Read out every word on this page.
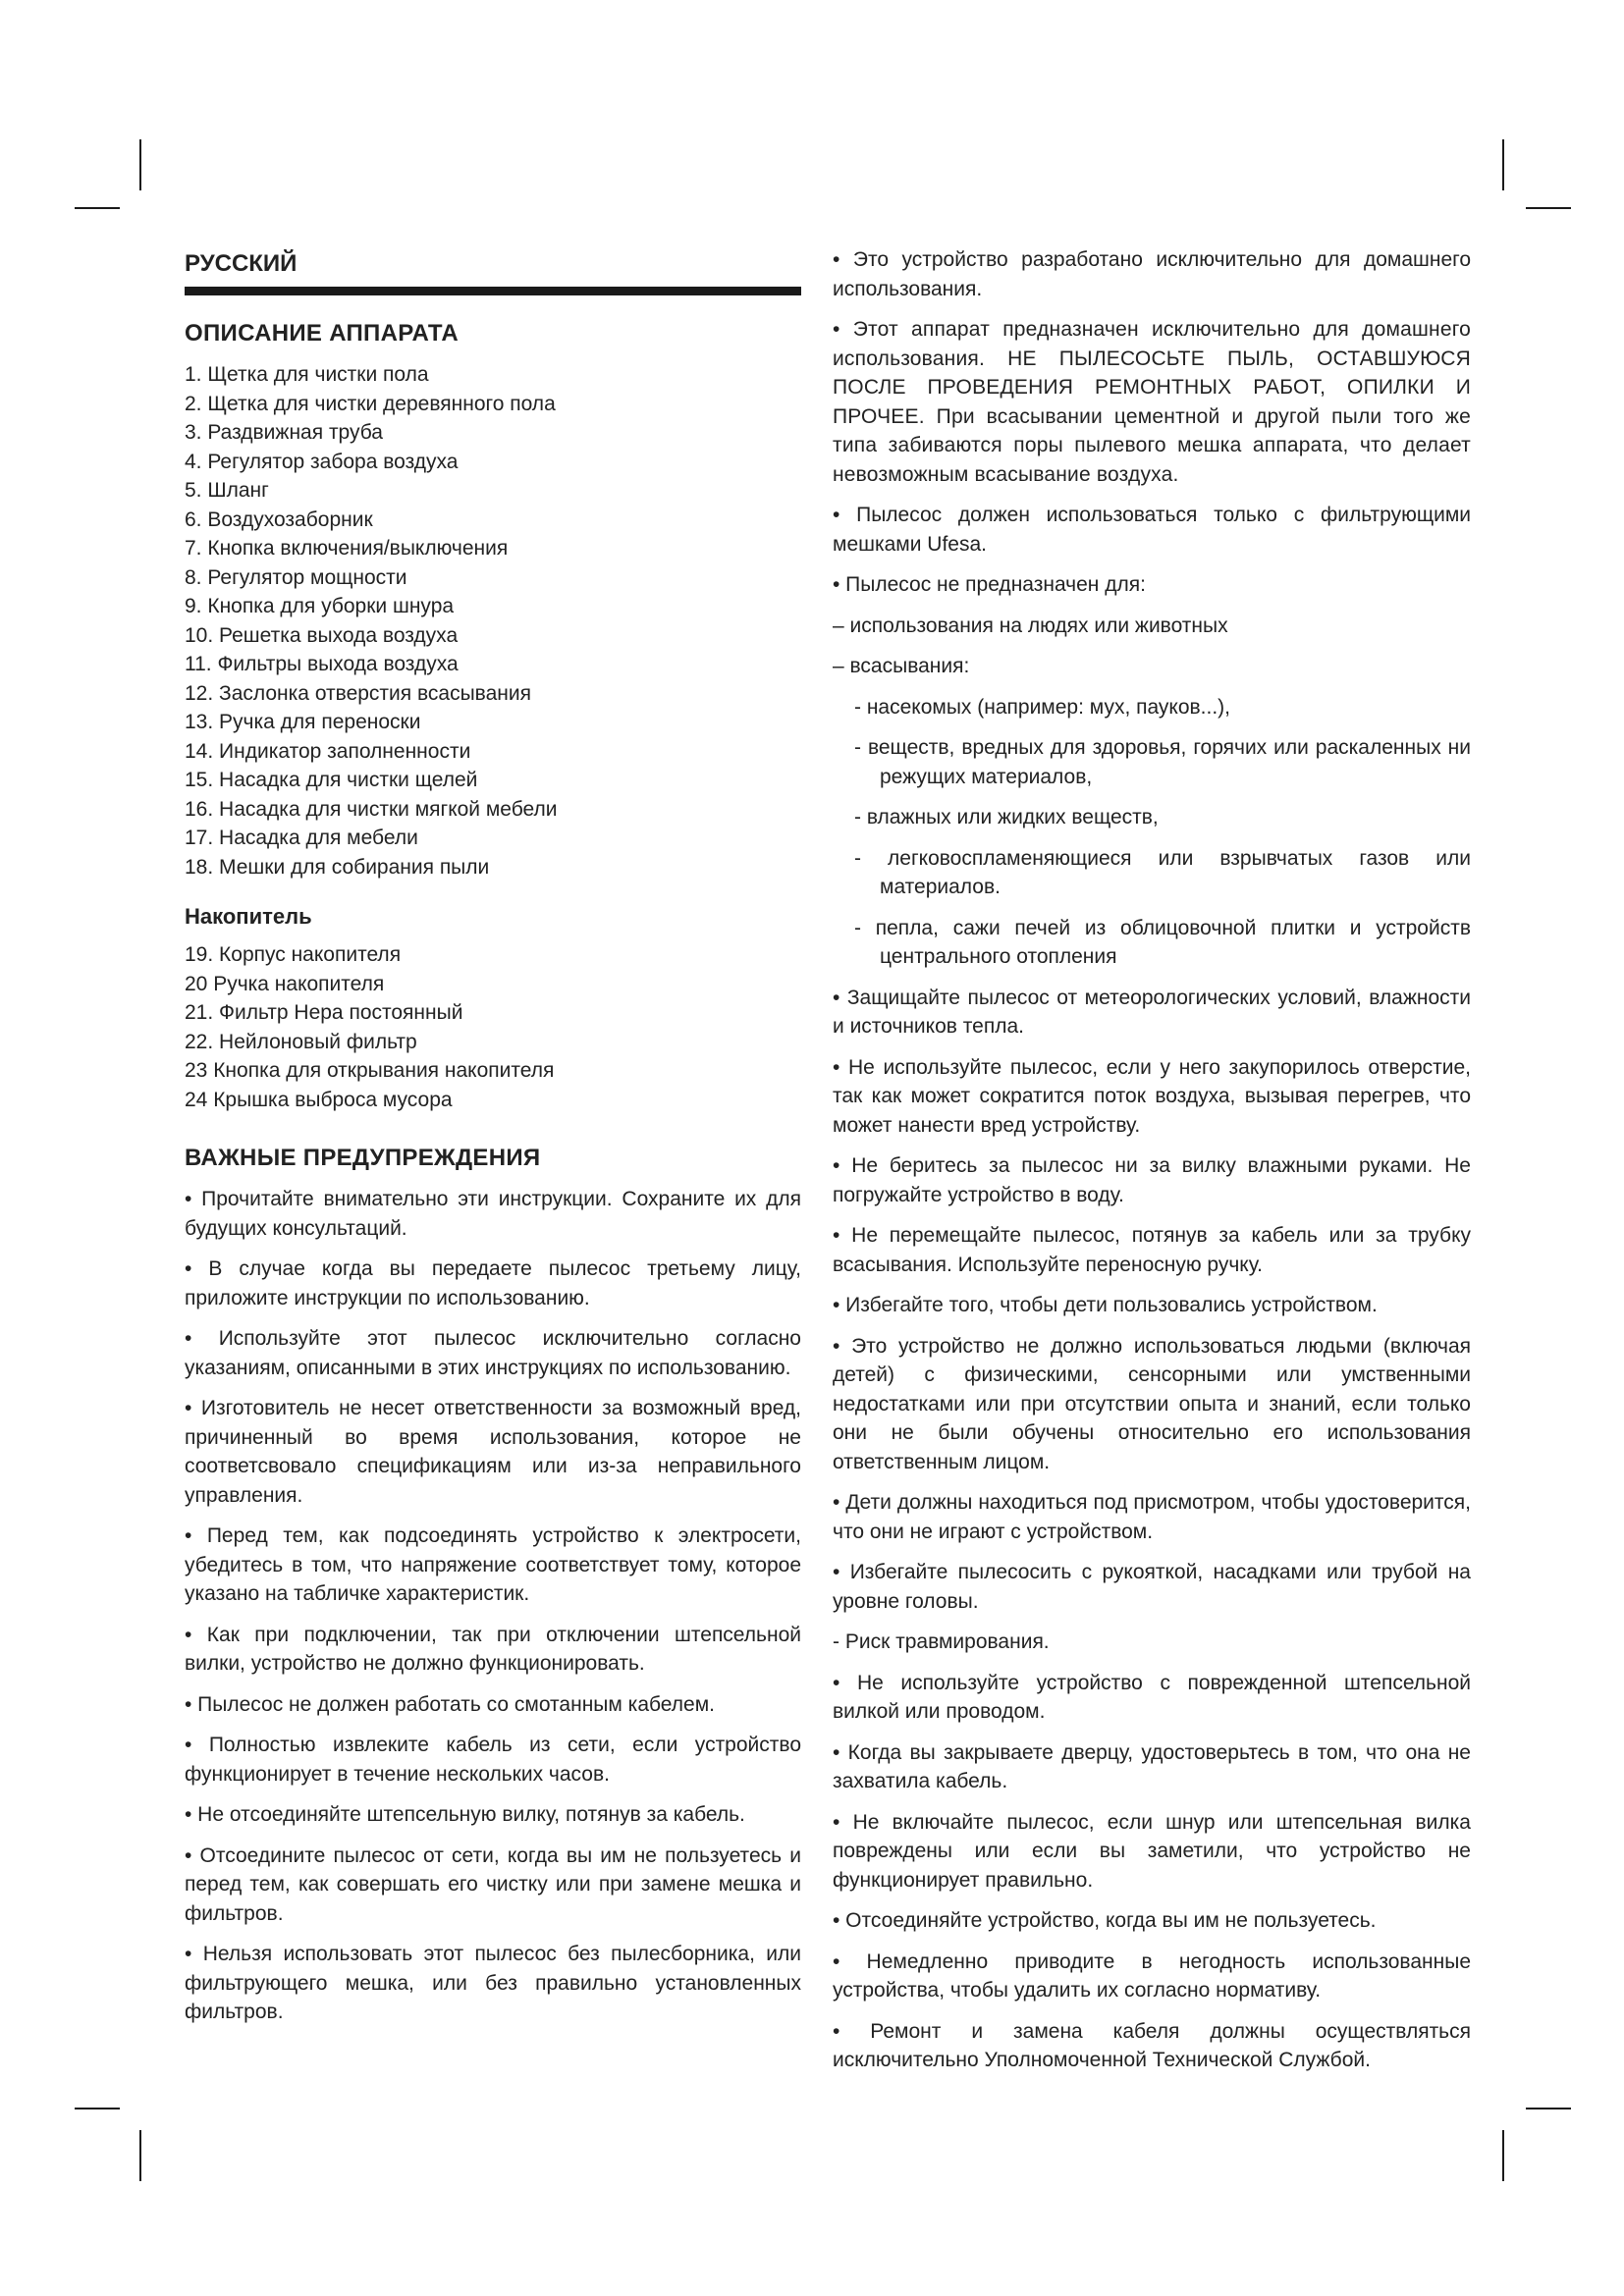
РУССКИЙ
ОПИСАНИЕ АППАРАТА
1. Щетка для чистки пола
2. Щетка для чистки деревянного пола
3. Раздвижная труба
4. Регулятор забора воздуха
5. Шланг
6. Воздухозаборник
7. Кнопка включения/выключения
8. Регулятор мощности
9. Кнопка для уборки шнура
10. Решетка выхода воздуха
11. Фильтры выхода воздуха
12. Заслонка отверстия всасывания
13. Ручка для переноски
14. Индикатор заполненности
15. Насадка для чистки щелей
16. Насадка для чистки мягкой мебели
17. Насадка для мебели
18. Мешки для собирания пыли
Накопитель
19. Корпус накопителя
20 Ручка накопителя
21. Фильтр Hepa постоянный
22. Нейлоновый фильтр
23 Кнопка для открывания накопителя
24 Крышка выброса мусора
ВАЖНЫЕ ПРЕДУПРЕЖДЕНИЯ

• Прочитайте внимательно эти инструкции. Сохраните их для будущих консультаций.

• В случае когда вы передаете пылесос третьему лицу, приложите инструкции по использованию.

• Используйте этот пылесос исключительно согласно указаниям, описанными в этих инструкциях по использованию.

• Изготовитель не несет ответственности за возможный вред, причиненный во время использования, которое не соответсвовало спецификациям или из-за неправильного управления.

• Перед тем, как подсоединять устройство к электросети, убедитесь в том, что напряжение соответствует тому, которое указано на табличке характеристик.

• Как при подключении, так при отключении штепсельной вилки, устройство не должно функционировать.

• Пылесос не должен работать со смотанным кабелем.

• Полностью извлеките кабель из сети, если устройство функционирует в течение нескольких часов.

• Не отсоединяйте штепсельную вилку, потянув за кабель.

• Отсоедините пылесос от сети, когда вы им не пользуетесь и перед тем, как совершать его чистку или при замене мешка и фильтров.

• Нельзя использовать этот пылесос без пылесборника, или фильтрующего мешка, или без правильно установленных фильтров.

• Это устройство разработано исключительно для домашнего использования.

• Этот аппарат предназначен исключительно для домашнего использования. НЕ ПЫЛЕСОСЬТЕ ПЫЛЬ, ОСТАВШУЮСЯ ПОСЛЕ ПРОВЕДЕНИЯ РЕМОНТНЫХ РАБОТ, ОПИЛКИ И ПРОЧЕЕ. При всасывании цементной и другой пыли того же типа забиваются поры пылевого мешка аппарата, что делает невозможным всасывание воздуха.

• Пылесос должен использоваться только с фильтрующими мешками Ufesa.

• Пылесос не предназначен для:

– использования на людях или животных
– всасывания:
- насекомых (например: мух, пауков...),
- веществ, вредных для здоровья, горячих или раскаленных ни режущих материалов,
- влажных или жидких веществ,
- легковоспламеняющиеся или взрывчатых газов или материалов.
- пепла, сажи печей из облицовочной плитки и устройств центрального отопления

• Защищайте пылесос от метеорологических условий, влажности и источников тепла.

• Не используйте пылесос, если у него закупорилось отверстие, так как может сократится поток воздуха, вызывая перегрев, что может нанести вред устройству.

• Не беритесь за пылесос ни за вилку влажными руками. Не погружайте устройство в воду.

• Не перемещайте пылесос, потянув за кабель или за трубку всасывания. Используйте переносную ручку.

• Избегайте того, чтобы дети пользовались устройством.

• Это устройство не должно использоваться людьми (включая детей) с физическими, сенсорными или умственными недостатками или при отсутствии опыта и знаний, если только они не были обучены относительно его использования ответственным лицом.

• Дети должны находиться под присмотром, чтобы удостоверится, что они не играют с устройством.

• Избегайте пылесосить с рукояткой, насадками или трубой на уровне головы.

- Риск травмирования.

• Не используйте устройство с поврежденной штепсельной вилкой или проводом.

• Когда вы закрываете дверцу, удостоверьтесь в том, что она не захватила кабель.

• Не включайте пылесос, если шнур или штепсельная вилка повреждены или если вы заметили, что устройство не функционирует правильно.

• Отсоединяйте устройство, когда вы им не пользуетесь.

• Немедленно приводите в негодность использованные устройства, чтобы удалить их согласно нормативу.

• Ремонт и замена кабеля должны осуществляться исключительно Уполномоченной Технической Службой.
